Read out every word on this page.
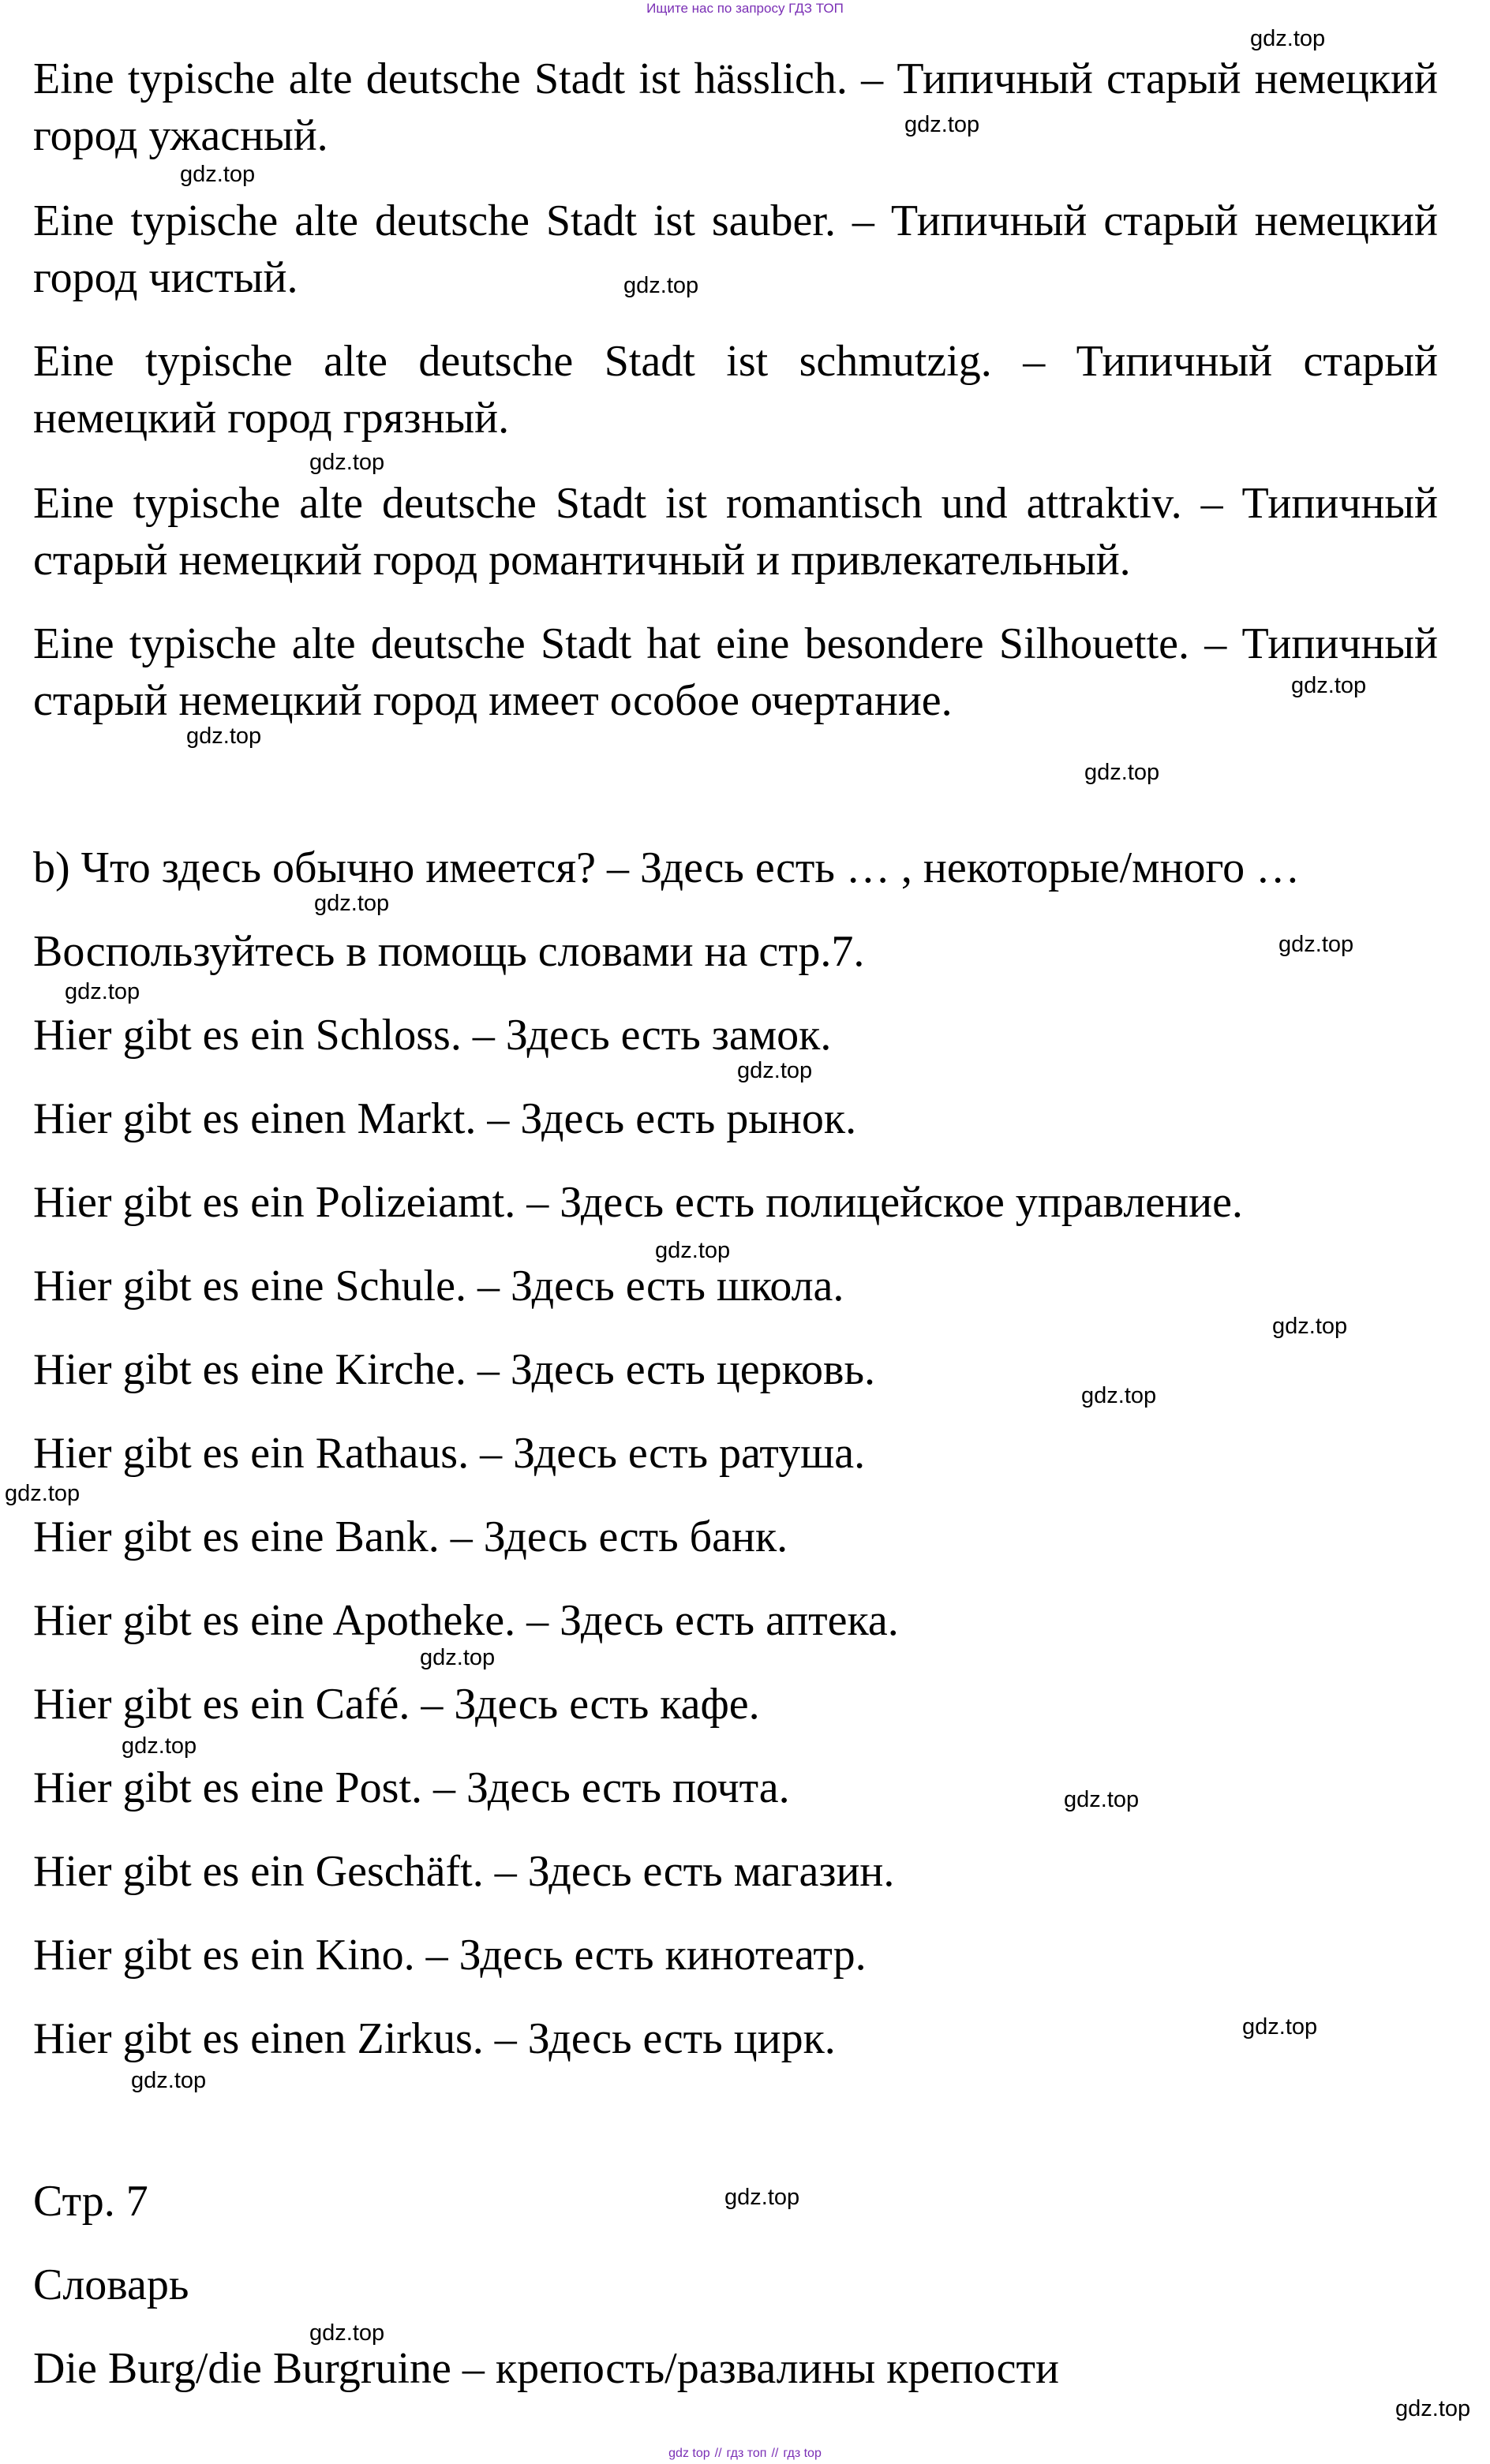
Ищите нас по запросу ГДЗ ТОП
Eine typische alte deutsche Stadt ist hässlich. – Типичный старый немецкий город ужасный.
Eine typische alte deutsche Stadt ist sauber. – Типичный старый немецкий город чистый.
Eine typische alte deutsche Stadt ist schmutzig. – Типичный старый немецкий город грязный.
Eine typische alte deutsche Stadt ist romantisch und attraktiv. – Типичный старый немецкий город романтичный и привлекательный.
Eine typische alte deutsche Stadt hat eine besondere Silhouette. – Типичный старый немецкий город имеет особое очертание.
b) Что здесь обычно имеется? – Здесь есть … , некоторые/много …
Воспользуйтесь в помощь словами на стр.7.
Hier gibt es ein Schloss. – Здесь есть замок.
Hier gibt es einen Markt. – Здесь есть рынок.
Hier gibt es ein Polizeiamt. – Здесь есть полицейское управление.
Hier gibt es eine Schule. – Здесь есть школа.
Hier gibt es eine Kirche. – Здесь есть церковь.
Hier gibt es ein Rathaus. – Здесь есть ратуша.
Hier gibt es eine Bank. – Здесь есть банк.
Hier gibt es eine Apotheke. – Здесь есть аптека.
Hier gibt es ein Café. – Здесь есть кафе.
Hier gibt es eine Post. – Здесь есть почта.
Hier gibt es ein Geschäft. – Здесь есть магазин.
Hier gibt es ein Kino. – Здесь есть кинотеатр.
Hier gibt es einen Zirkus. – Здесь есть цирк.
Стр. 7
Словарь
Die Burg/die Burgruine – крепость/развалины крепости
gdz.top
gdz.top
gdz.top
gdz.top
gdz.top
gdz.top
gdz.top
gdz.top
gdz.top
gdz.top
gdz.top
gdz.top
gdz.top
gdz.top
gdz.top
gdz.top
gdz.top
gdz.top
gdz.top
gdz.top
gdz.top
gdz.top
gdz.top
gdz.top
gdz top // гдз топ // гдз top
